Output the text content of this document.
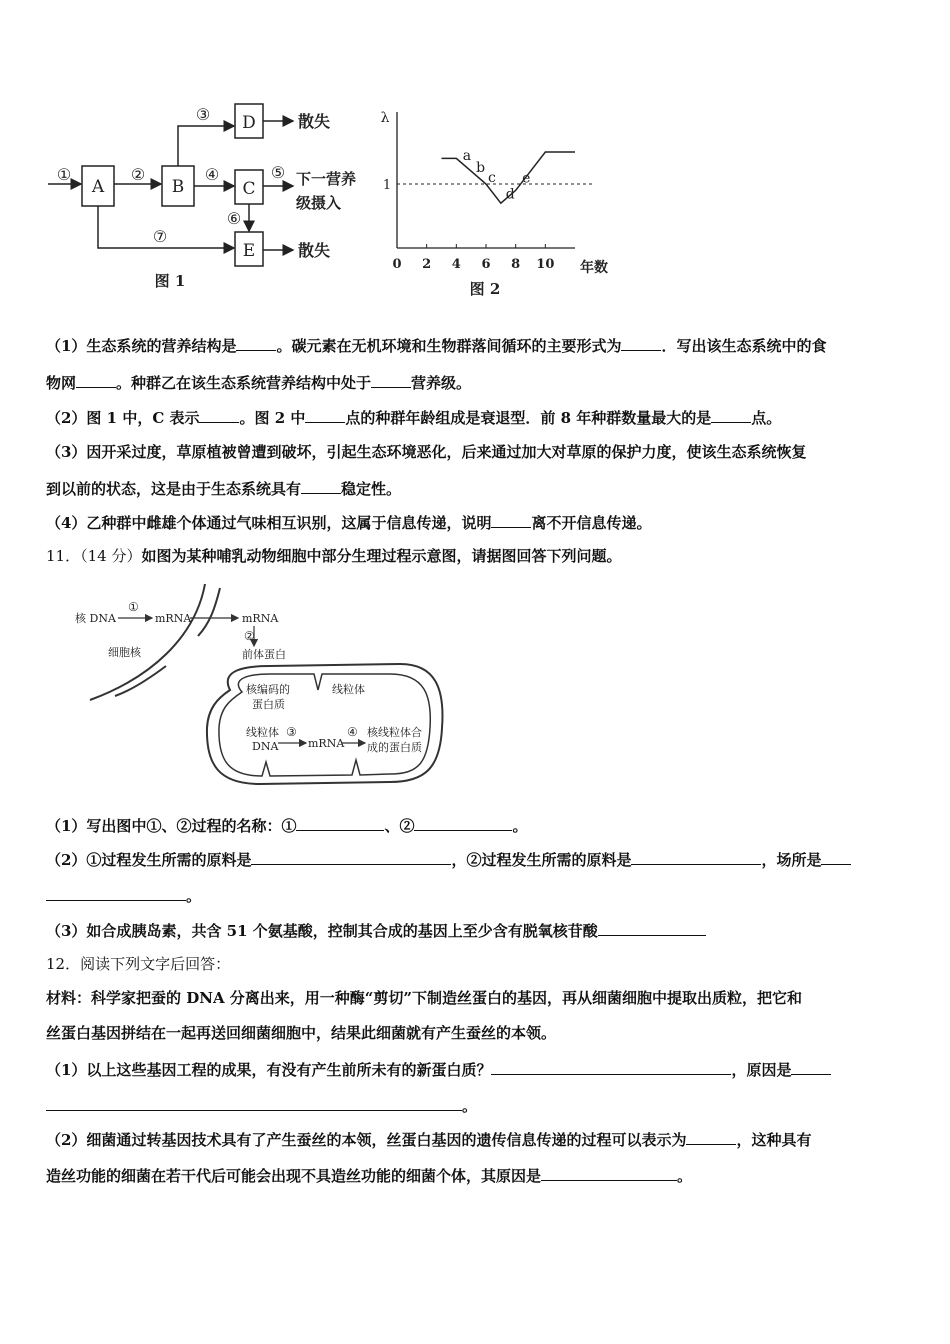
A	B
D
C
E
①	②
③
④	⑤
⑥
⑦
散失
下一营养
级摄入
散失
图 1
λ
1
0 2 4 6 8 10 年数
a
b
c
d
e
图 2
（1）生态系统的营养结构是	。碳元素在无机环境和生物群落间循环的主要形式为	．写出该生态系统中的食
物网	。种群乙在该生态系统营养结构中处于	营养级。
（2）图 1 中，C 表示	。图 2 中	点的种群年龄组成是衰退型．前 8 年种群数量最大的是	点。
（3）因开采过度，草原植被曾遭到破坏，引起生态环境恶化，后来通过加大对草原的保护力度，使该生态系统恢复
到以前的状态，这是由于生态系统具有	稳定性。
（4）乙种群中雌雄个体通过气味相互识别，这属于信息传递，说明	离不开信息传递。
11．（14 分）如图为某种哺乳动物细胞中部分生理过程示意图，请据图回答下列问题。
核 DNA
①
mRNA	mRNA
②
前体蛋白
细胞核
核编码的
蛋白质
线粒体
线粒体
DNA
③
mRNA
④ 核线粒体合
成的蛋白质
（1）写出图中①、②过程的名称：①	、②	。
（2）①过程发生所需的原料是	，②过程发生所需的原料是	，场所是
。
（3）如合成胰岛素，共含 51 个氨基酸，控制其合成的基因上至少含有脱氧核苷酸
12．阅读下列文字后回答：
材料：科学家把蚕的 DNA 分离出来，用一种酶“剪切”下制造丝蛋白的基因，再从细菌细胞中提取出质粒，把它和
丝蛋白基因拼结在一起再送回细菌细胞中，结果此细菌就有产生蚕丝的本领。
（1）以上这些基因工程的成果，有没有产生前所未有的新蛋白质？	，原因是
。
（2）细菌通过转基因技术具有了产生蚕丝的本领，丝蛋白基因的遗传信息传递的过程可以表示为	，这种具有
造丝功能的细菌在若干代后可能会出现不具造丝功能的细菌个体，其原因是	。
